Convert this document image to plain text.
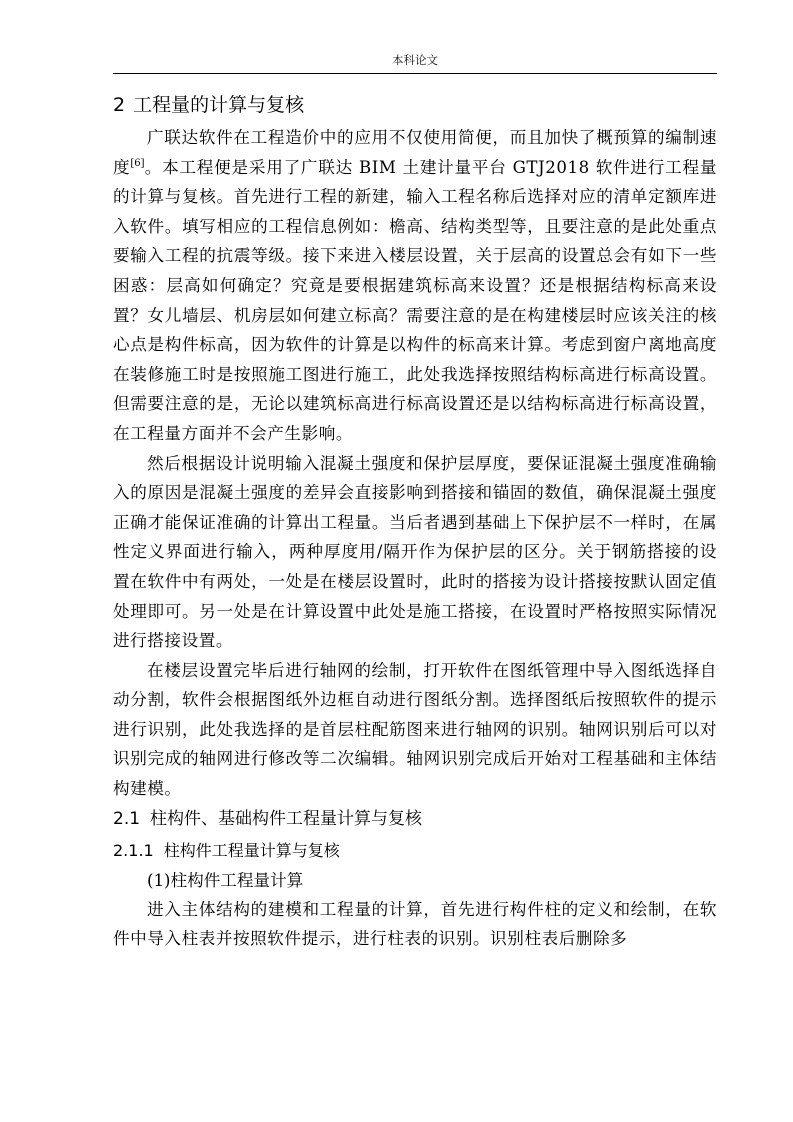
本科论文
2 工程量的计算与复核

广联达软件在工程造价中的应用不仅使用简便，而且加快了概预算的编制速度[6]。本工程便是采用了广联达 BIM 土建计量平台 GTJ2018 软件进行工程量的计算与复核。首先进行工程的新建，输入工程名称后选择对应的清单定额库进入软件。填写相应的工程信息例如：檐高、结构类型等，且要注意的是此处重点要输入工程的抗震等级。接下来进入楼层设置，关于层高的设置总会有如下一些困惑：层高如何确定？究竟是要根据建筑标高来设置？还是根据结构标高来设置？女儿墙层、机房层如何建立标高？需要注意的是在构建楼层时应该关注的核心点是构件标高，因为软件的计算是以构件的标高来计算。考虑到窗户离地高度在装修施工时是按照施工图进行施工，此处我选择按照结构标高进行标高设置。但需要注意的是，无论以建筑标高进行标高设置还是以结构标高进行标高设置，在工程量方面并不会产生影响。

然后根据设计说明输入混凝土强度和保护层厚度，要保证混凝土强度准确输入的原因是混凝土强度的差异会直接影响到搭接和锚固的数值，确保混凝土强度正确才能保证准确的计算出工程量。当后者遇到基础上下保护层不一样时，在属性定义界面进行输入，两种厚度用/隔开作为保护层的区分。关于钢筋搭接的设置在软件中有两处，一处是在楼层设置时，此时的搭接为设计搭接按默认固定值处理即可。另一处是在计算设置中此处是施工搭接，在设置时严格按照实际情况进行搭接设置。

在楼层设置完毕后进行轴网的绘制，打开软件在图纸管理中导入图纸选择自动分割，软件会根据图纸外边框自动进行图纸分割。选择图纸后按照软件的提示进行识别，此处我选择的是首层柱配筋图来进行轴网的识别。轴网识别后可以对识别完成的轴网进行修改等二次编辑。轴网识别完成后开始对工程基础和主体结构建模。

2.1 柱构件、基础构件工程量计算与复核
2.1.1 柱构件工程量计算与复核

(1)柱构件工程量计算

进入主体结构的建模和工程量的计算，首先进行构件柱的定义和绘制，在软件中导入柱表并按照软件提示，进行柱表的识别。识别柱表后删除多
